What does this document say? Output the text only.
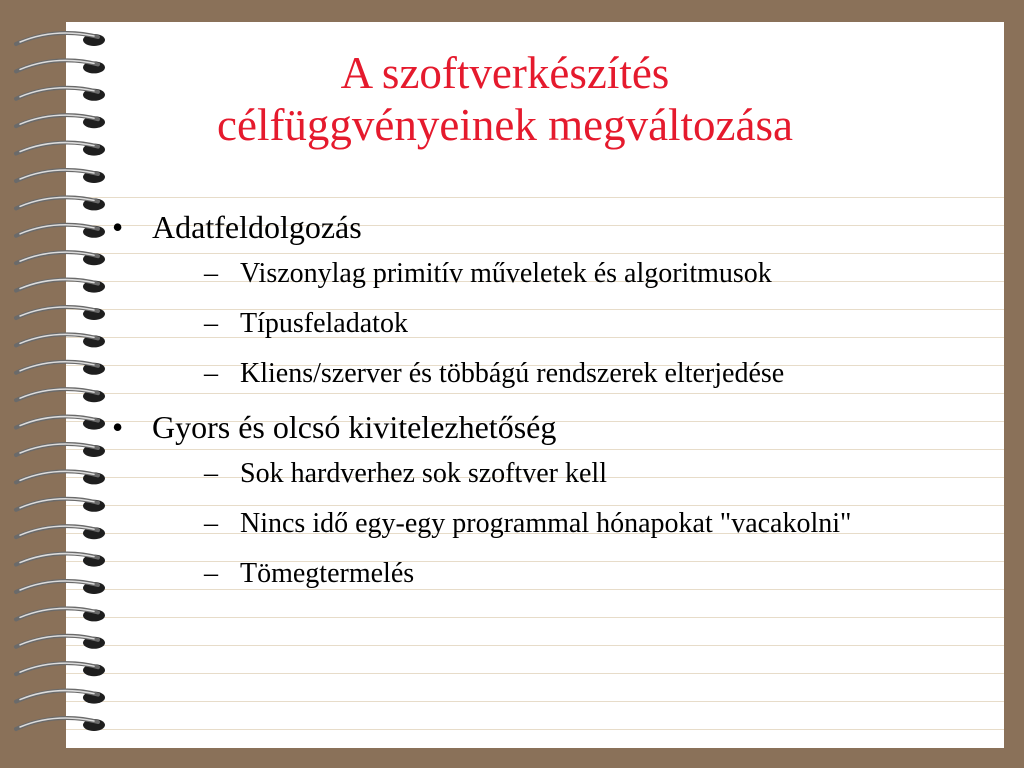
A szoftverkészítés
célfüggvényeinek megváltozása
• Adatfeldolgozás
– Viszonylag primitív műveletek és algoritmusok
– Típusfeladatok
– Kliens/szerver és többágú rendszerek elterjedése
• Gyors és olcsó kivitelezhetőség
– Sok hardverhez sok szoftver kell
– Nincs idő egy-egy programmal hónapokat "vacakolni"
– Tömegtermelés
